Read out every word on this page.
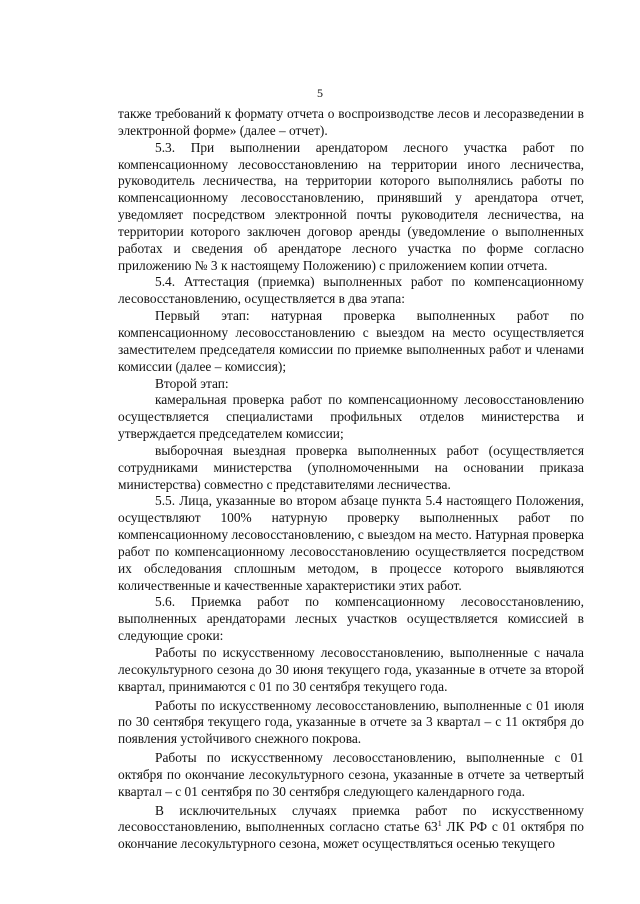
5

также требований к формату отчета о воспроизводстве лесов и лесоразведении в электронной форме» (далее – отчет).

5.3. При выполнении арендатором лесного участка работ по компенсационному лесовосстановлению на территории иного лесничества, руководитель лесничества, на территории которого выполнялись работы по компенсационному лесовосстановлению, принявший у арендатора отчет, уведомляет посредством электронной почты руководителя лесничества, на территории которого заключен договор аренды (уведомление о выполненных работах и сведения об арендаторе лесного участка по форме согласно приложению № 3 к настоящему Положению) с приложением копии отчета.

5.4. Аттестация (приемка) выполненных работ по компенсационному лесовосстановлению, осуществляется в два этапа:

Первый этап: натурная проверка выполненных работ по компенсационному лесовосстановлению с выездом на место осуществляется заместителем председателя комиссии по приемке выполненных работ и членами комиссии (далее – комиссия);

Второй этап:

камеральная проверка работ по компенсационному лесовосстановлению осуществляется специалистами профильных отделов министерства и утверждается председателем комиссии;

выборочная выездная проверка выполненных работ (осуществляется сотрудниками министерства (уполномоченными на основании приказа министерства) совместно с представителями лесничества.

5.5. Лица, указанные во втором абзаце пункта 5.4 настоящего Положения, осуществляют 100% натурную проверку выполненных работ по компенсационному лесовосстановлению, с выездом на место. Натурная проверка работ по компенсационному лесовосстановлению осуществляется посредством их обследования сплошным методом, в процессе которого выявляются количественные и качественные характеристики этих работ.

5.6. Приемка работ по компенсационному лесовосстановлению, выполненных арендаторами лесных участков осуществляется комиссией в следующие сроки:

Работы по искусственному лесовосстановлению, выполненные с начала лесокультурного сезона до 30 июня текущего года, указанные в отчете за второй квартал, принимаются с 01 по 30 сентября текущего года.

Работы по искусственному лесовосстановлению, выполненные с 01 июля по 30 сентября текущего года, указанные в отчете за 3 квартал – с 11 октября до появления устойчивого снежного покрова.

Работы по искусственному лесовосстановлению, выполненные с 01 октября по окончание лесокультурного сезона, указанные в отчете за четвертый квартал – с 01 сентября по 30 сентября следующего календарного года.

В исключительных случаях приемка работ по искусственному лесовосстановлению, выполненных согласно статье $63^1$ ЛК РФ с 01 октября по окончание лесокультурного сезона, может осуществляться осенью текущего
